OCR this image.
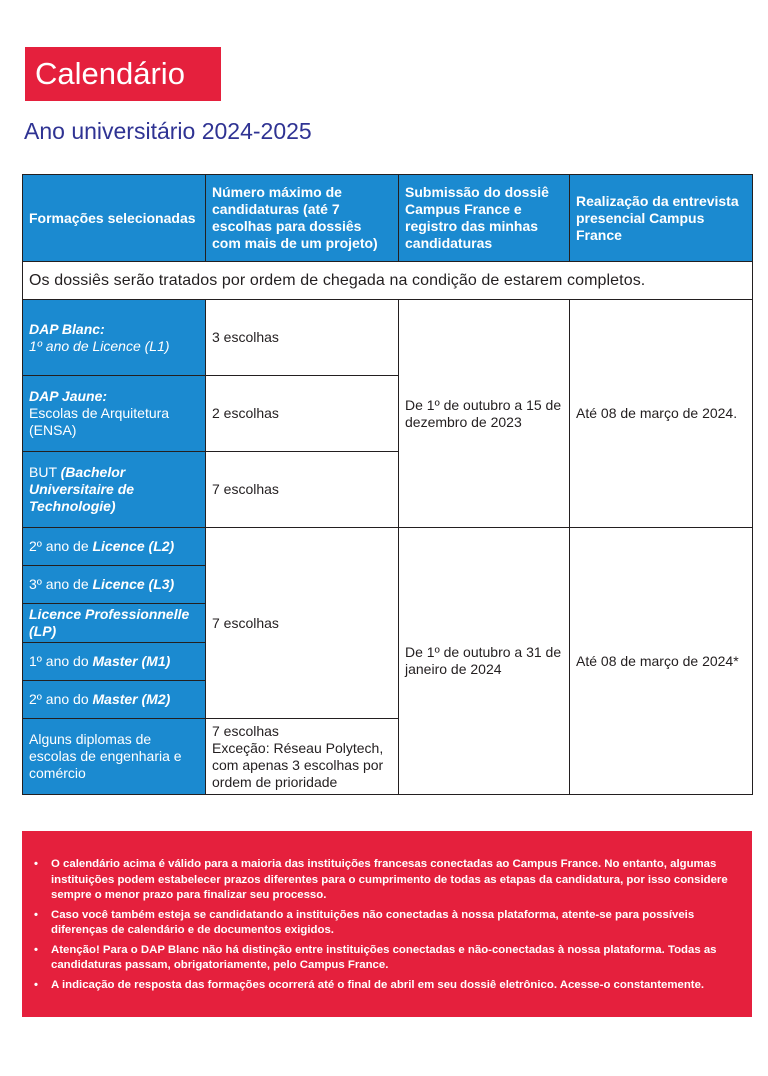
Calendário
Ano universitário 2024-2025
Formações selecionadas	Número máximo de candidaturas (até 7 escolhas para dossiês com mais de um projeto)	Submissão do dossiê Campus France e registro das minhas candidaturas	Realização da entrevista presencial Campus France
Os dossiês serão tratados por ordem de chegada na condição de estarem completos.			
DAP Blanc:
1º ano de Licence (L1)	3 escolhas	De 1º de outubro a 15 de dezembro de 2023	Até 08 de março de 2024.
DAP Jaune:
Escolas de Arquitetura (ENSA)	2 escolhas		
BUT (Bachelor Universitaire de Technologie)	7 escolhas		
2º ano de Licence (L2)	7 escolhas	De 1º de outubro a 31 de janeiro de 2024	Até 08 de março de 2024*
3º ano de Licence (L3)			
Licence Professionnelle (LP)			
1º ano do Master (M1)			
2º ano do Master (M2)			
Alguns diplomas de escolas de engenharia e comércio	7 escolhas
Exceção: Réseau Polytech, com apenas 3 escolhas por ordem de prioridade		
• O calendário acima é válido para a maioria das instituições francesas conectadas ao Campus France. No entanto, algumas instituições podem estabelecer prazos diferentes para o cumprimento de todas as etapas da candidatura, por isso considere sempre o menor prazo para finalizar seu processo.
• Caso você também esteja se candidatando a instituições não conectadas à nossa plataforma, atente-se para possíveis diferenças de calendário e de documentos exigidos.
• Atenção! Para o DAP Blanc não há distinção entre instituições conectadas e não-conectadas à nossa plataforma. Todas as candidaturas passam, obrigatoriamente, pelo Campus France.
• A indicação de resposta das formações ocorrerá até o final de abril em seu dossiê eletrônico. Acesse-o constantemente.
